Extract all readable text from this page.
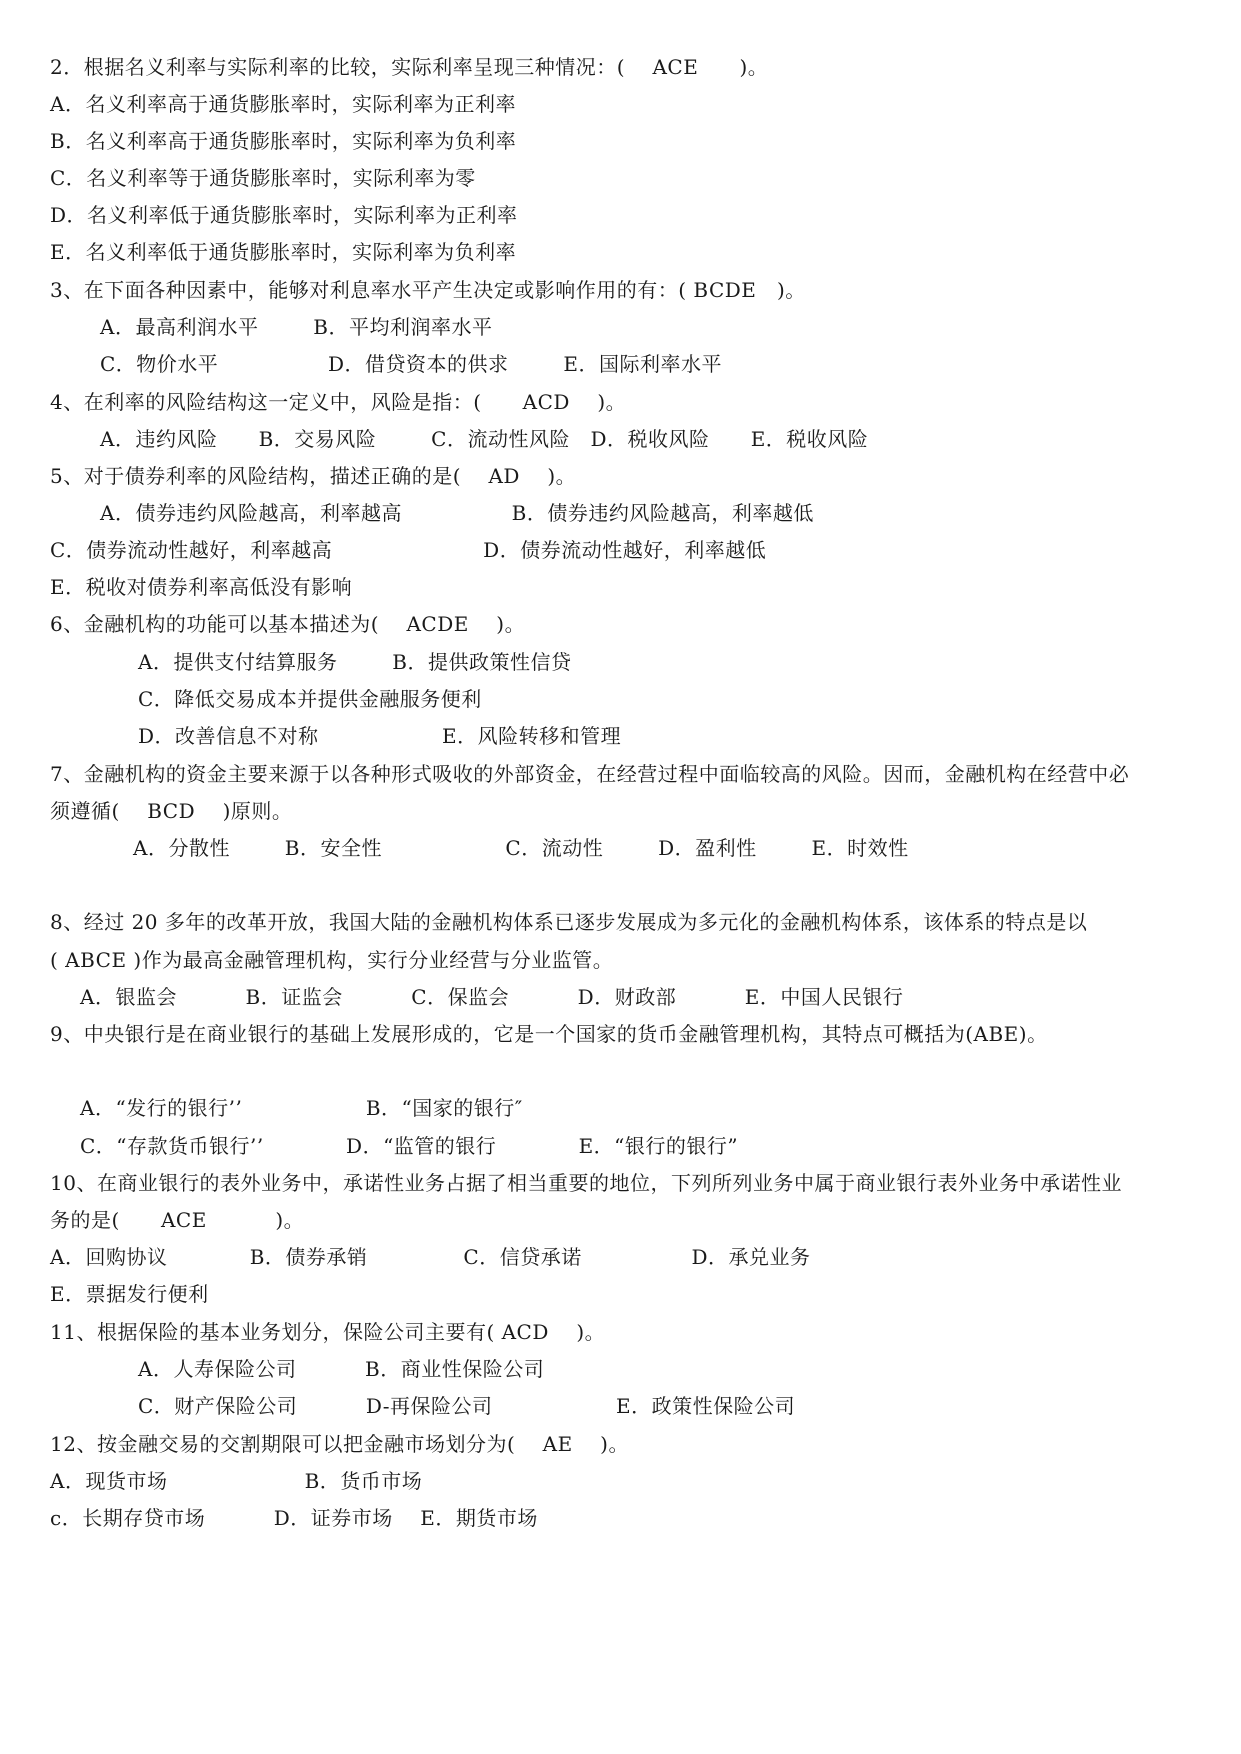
2．根据名义利率与实际利率的比较，实际利率呈现三种情况：(    ACE      )。
A．名义利率高于通货膨胀率时，实际利率为正利率
B．名义利率高于通货膨胀率时，实际利率为负利率
C．名义利率等于通货膨胀率时，实际利率为零
D．名义利率低于通货膨胀率时，实际利率为正利率
E．名义利率低于通货膨胀率时，实际利率为负利率
3、在下面各种因素中，能够对利息率水平产生决定或影响作用的有：( BCDE   )。
A．最高利润水平        B．平均利润率水平
C．物价水平                D．借贷资本的供求        E．国际利率水平
4、在利率的风险结构这一定义中，风险是指：(      ACD    )。
A．违约风险      B．交易风险        C．流动性风险   D．税收风险      E．税收风险
5、对于债券利率的风险结构，描述正确的是(    AD    )。
A．债券违约风险越高，利率越高                B．债券违约风险越高，利率越低
C．债券流动性越好，利率越高                      D．债券流动性越好，利率越低
E．税收对债券利率高低没有影响
6、金融机构的功能可以基本描述为(    ACDE    )。
A．提供支付结算服务        B．提供政策性信贷
C．降低交易成本并提供金融服务便利
D．改善信息不对称                  E．风险转移和管理
7、金融机构的资金主要来源于以各种形式吸收的外部资金，在经营过程中面临较高的风险。因而，金融机构在经营中必
须遵循(    BCD    )原则。
A．分散性        B．安全性                  C．流动性        D．盈利性        E．时效性
8、经过 20 多年的改革开放，我国大陆的金融机构体系已逐步发展成为多元化的金融机构体系，该体系的特点是以
( ABCE )作为最高金融管理机构，实行分业经营与分业监管。
A．银监会          B．证监会          C．保监会          D．财政部          E．中国人民银行
9、中央银行是在商业银行的基础上发展形成的，它是一个国家的货币金融管理机构，其特点可概括为(ABE)。
A．“发行的银行’’                  B．“国家的银行″
C．“存款货币银行’’            D．“监管的银行            E．“银行的银行”
10、在商业银行的表外业务中，承诺性业务占据了相当重要的地位，下列所列业务中属于商业银行表外业务中承诺性业
务的是(      ACE          )。
A．回购协议            B．债券承销              C．信贷承诺                D．承兑业务
E．票据发行便利
11、根据保险的基本业务划分，保险公司主要有( ACD    )。
A．人寿保险公司          B．商业性保险公司
C．财产保险公司          D-再保险公司                  E．政策性保险公司
12、按金融交易的交割期限可以把金融市场划分为(    AE    )。
A．现货市场                    B．货币市场
c．长期存贷市场          D．证券市场    E．期货市场
